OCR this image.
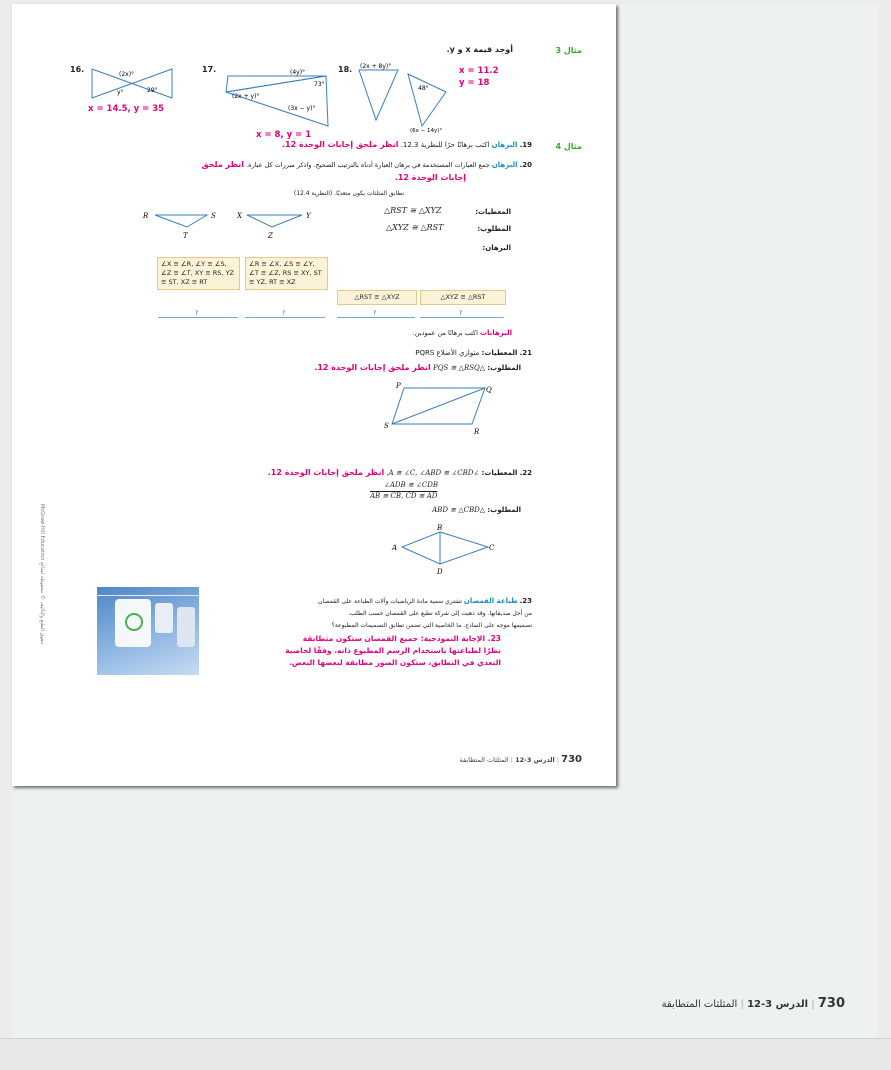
مثال 3
أوجد قيمة x و y.
16.
(2x)°
y°	29°
x = 14.5, y = 35
17.	(4y)°
73°
(2x + y)°
(3x − y)°
x = 8, y = 1
18. (2x + 8y)°
48°
(6x − 14y)°
x = 11.2
y = 18
مثال 4
19. البرهان اكتب برهانًا حرًا للنظرية 12.3. انظر ملحق إجابات الوحدة 12.
20. البرهان جمع العبارات المستخدمة في برهان العبارة أدناه بالترتيب الصحيح. واذكر مبررات كل عبارة. انظر ملحق
إجابات الوحدة 12.
تطابق المثلثات يكون متعديًا. (النظرية 12.4)
R	S
T
X	Y
Z
المعطيات:
△RST ≅ △XYZ
المطلوب:
△XYZ ≅ △RST
البرهان:
∠X ≅ ∠R, ∠Y ≅ ∠S, ∠Z ≅ ∠T, XY ≅ RS, YZ ≅ ST, XZ ≅ RT
∠R ≅ ∠X, ∠S ≅ ∠Y, ∠T ≅ ∠Z, RS ≅ XY, ST ≅ YZ, RT ≅ XZ
△RST ≅ △XYZ	△XYZ ≅ △RST
?	?	?	?
البرهانات اكتب برهانًا من عمودين.
21. المعطيات: متوازي الأضلاع PQRS
المطلوب: △PQS ≅ △RSQ انظر ملحق إجابات الوحدة 12.
P	Q
S
R
22. المعطيات: ∠A ≅ ∠C, ∠ABD ≅ ∠CBD, انظر ملحق إجابات الوحدة 12.
∠ADB ≅ ∠CDB
AB ≅ CB, CD ≅ AD
المطلوب: △ABD ≅ △CBD
B
A	C
D
23. طباعة القمصان تشتري سمية مادة الرياضيات وآلات الطباعة على القمصان
من أجل صديقاتها. وقد ذهبت إلى شركة تطبع على القمصان حسب الطلب.
تصميمها موجه على النماذج. ما الخاصية التي تضمن تطابق التصميمات المطبوعة؟
23. الإجابة النموذجية: جميع القمصان ستكون متطابقة
نظرًا لطباعتها باستخدام الرسم المطبوع ذاته. وفقًا لخاصية
التعدي في التطابق، ستكون الصور مطابقة لبعضها البعض.
McGraw-Hill Education حقوق الطبع والتأليف © محفوظة لصالح
730 | الدرس 3-12 | المثلثات المتطابقة
730 | الدرس 3-12 | المثلثات المتطابقة
